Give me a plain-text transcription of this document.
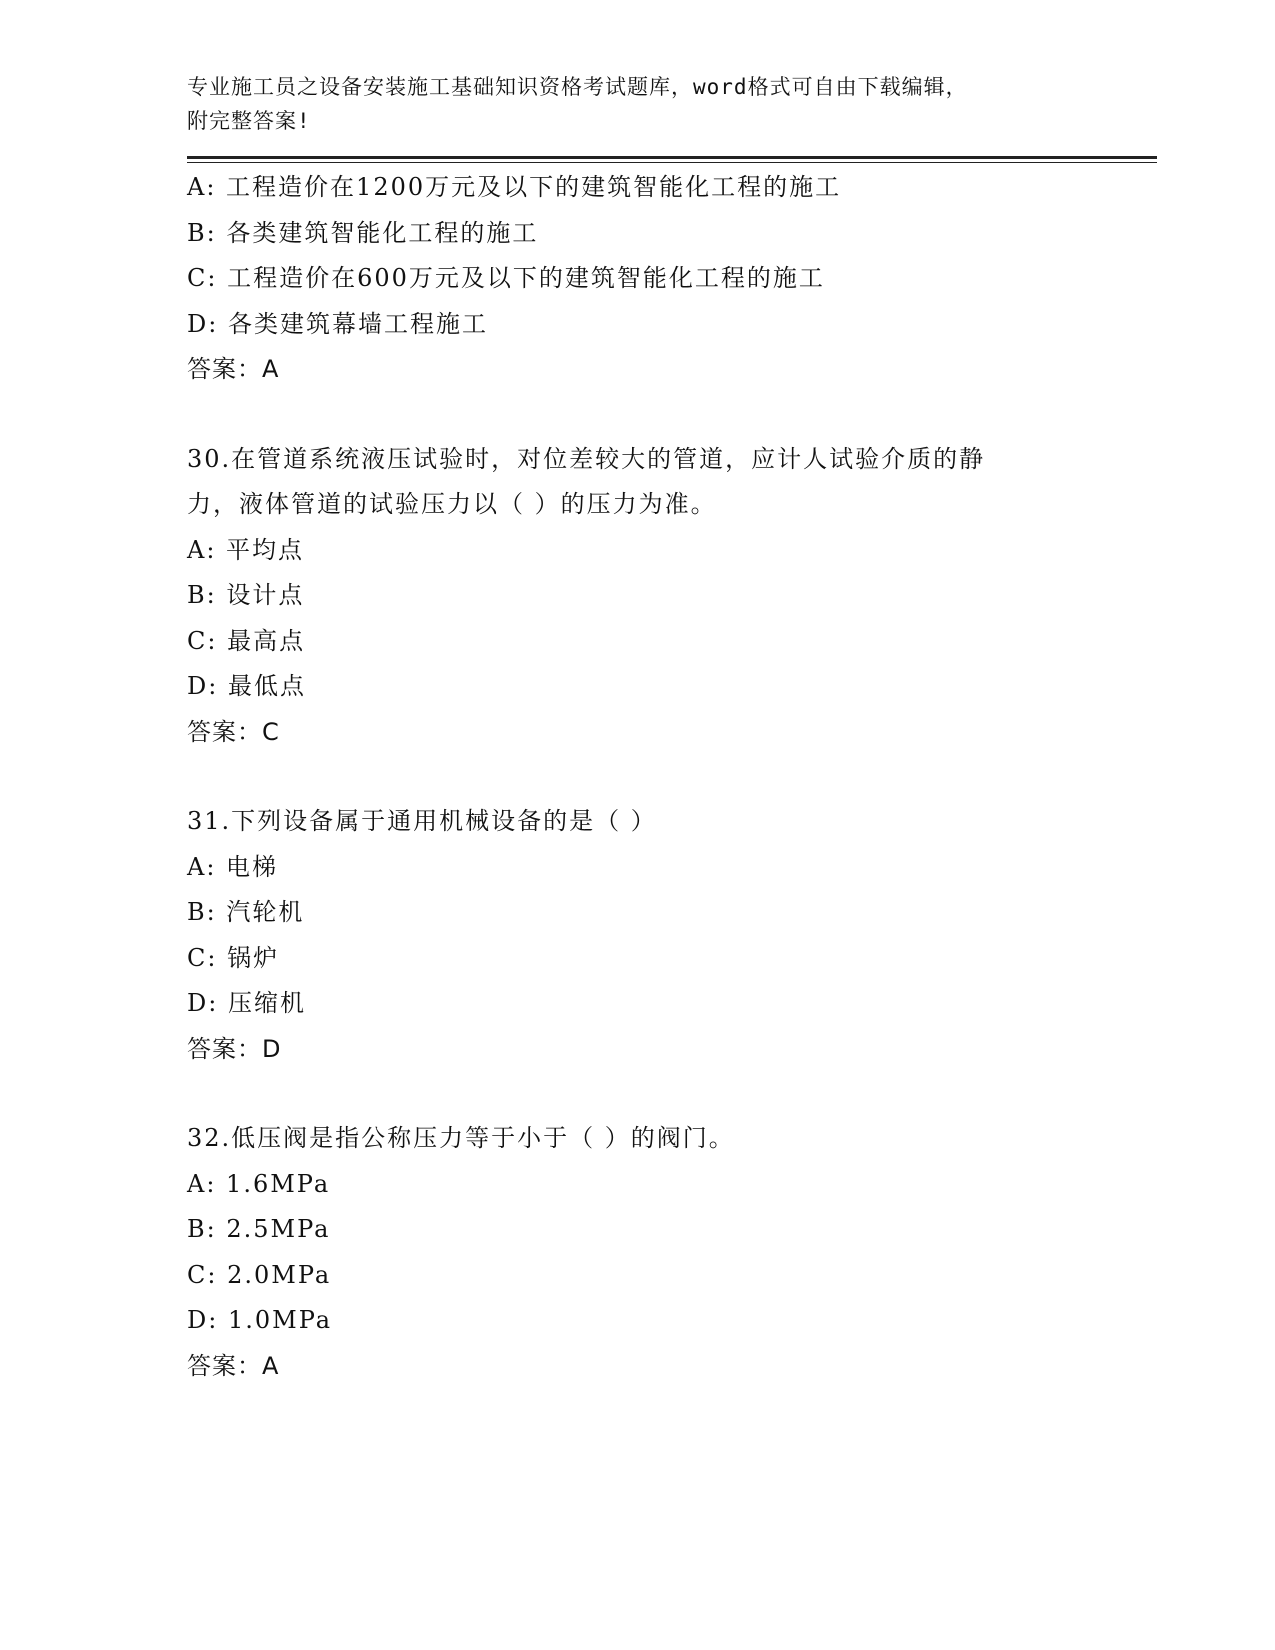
专业施工员之设备安装施工基础知识资格考试题库，word格式可自由下载编辑，
附完整答案!
A: 工程造价在1200万元及以下的建筑智能化工程的施工
B: 各类建筑智能化工程的施工
C: 工程造价在600万元及以下的建筑智能化工程的施工
D: 各类建筑幕墙工程施工
答案：A
30.在管道系统液压试验时，对位差较大的管道，应计人试验介质的静
力，液体管道的试验压力以（ ）的压力为准。
A: 平均点
B: 设计点
C: 最高点
D: 最低点
答案：C
31.下列设备属于通用机械设备的是（ ）
A: 电梯
B: 汽轮机
C: 锅炉
D: 压缩机
答案：D
32.低压阀是指公称压力等于小于（ ）的阀门。
A: 1.6MPa
B: 2.5MPa
C: 2.0MPa
D: 1.0MPa
答案：A
